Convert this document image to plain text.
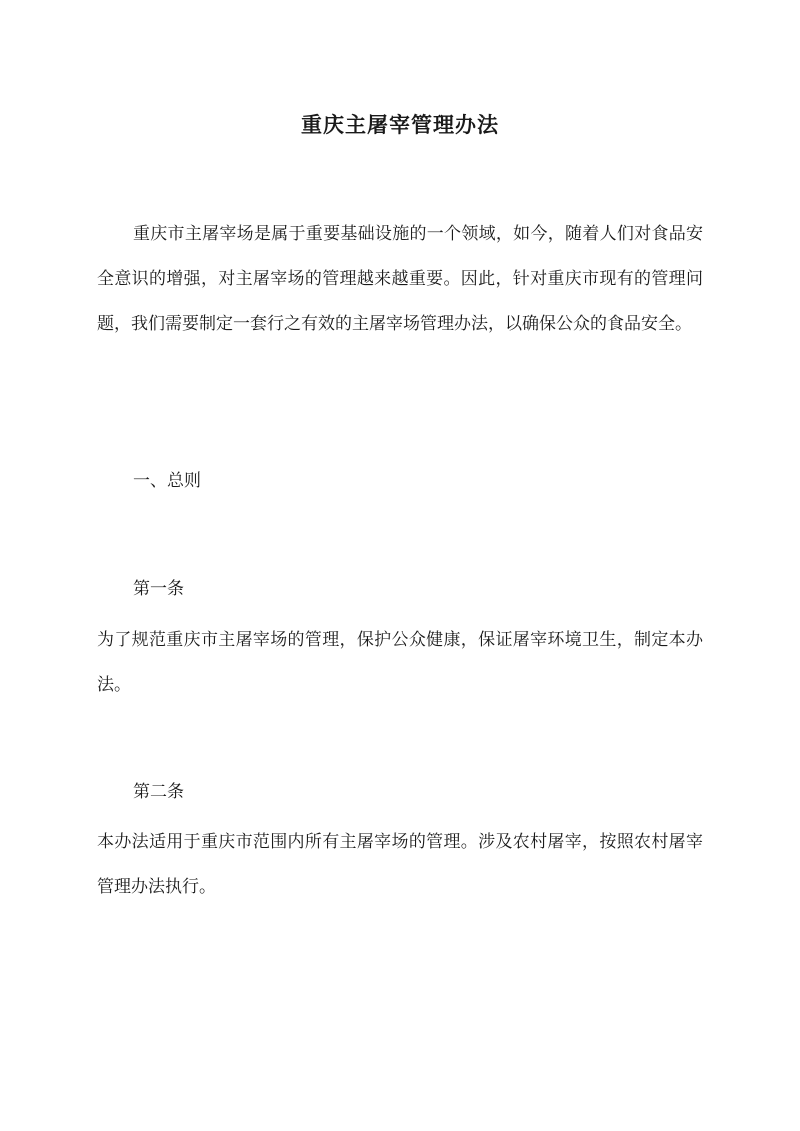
重庆主屠宰管理办法

重庆市主屠宰场是属于重要基础设施的一个领域，如今，随着人们对食品安全意识的增强，对主屠宰场的管理越来越重要。因此，针对重庆市现有的管理问题，我们需要制定一套行之有效的主屠宰场管理办法，以确保公众的食品安全。

一、总则

第一条

为了规范重庆市主屠宰场的管理，保护公众健康，保证屠宰环境卫生，制定本办法。

第二条

本办法适用于重庆市范围内所有主屠宰场的管理。涉及农村屠宰，按照农村屠宰管理办法执行。
